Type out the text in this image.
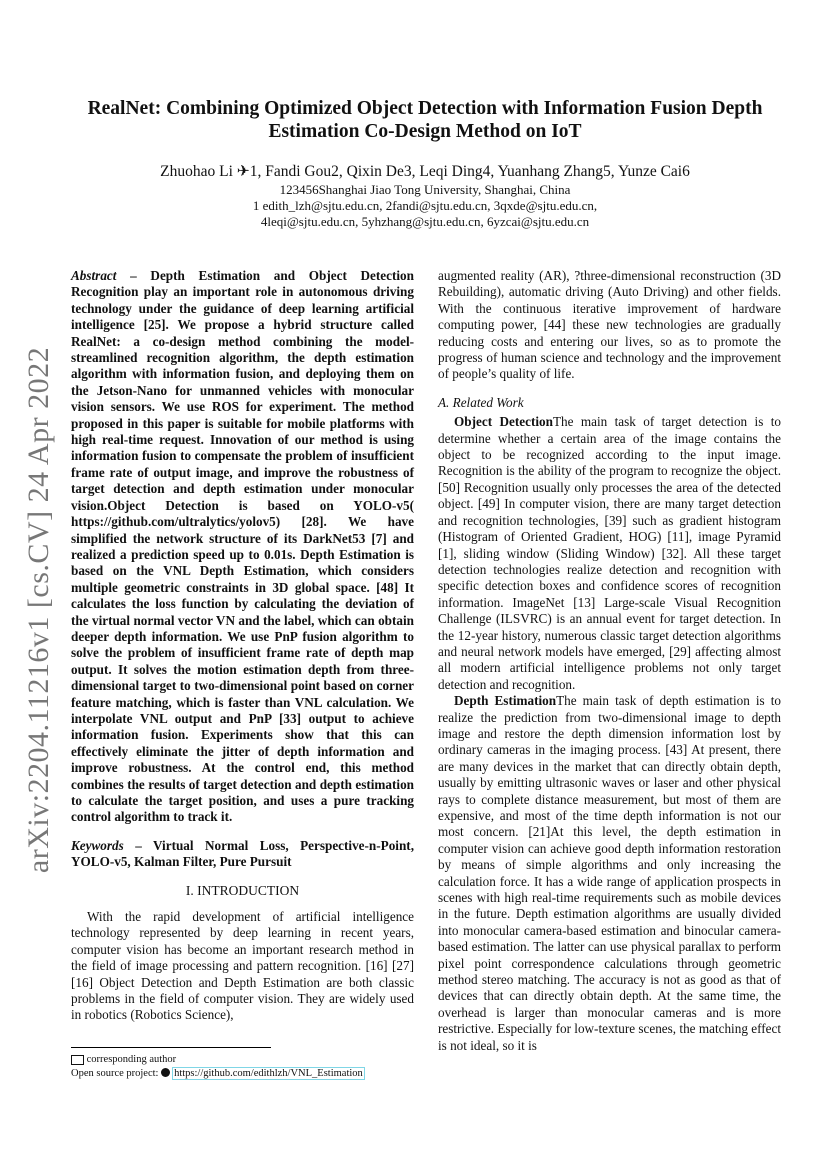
arXiv:2204.11216v1 [cs.CV] 24 Apr 2022
RealNet: Combining Optimized Object Detection with Information Fusion Depth Estimation Co-Design Method on IoT
Zhuohao Li ✈1, Fandi Gou2, Qixin De3, Leqi Ding4, Yuanhang Zhang5, Yunze Cai6
123456Shanghai Jiao Tong University, Shanghai, China
1 edith_lzh@sjtu.edu.cn, 2fandi@sjtu.edu.cn, 3qxde@sjtu.edu.cn,
4leqi@sjtu.edu.cn, 5yhzhang@sjtu.edu.cn, 6yzcai@sjtu.edu.cn

Abstract – Depth Estimation and Object Detection Recognition play an important role in autonomous driving technology under the guidance of deep learning artificial intelligence [25]. We propose a hybrid structure called RealNet: a co-design method combining the model-streamlined recognition algorithm, the depth estimation algorithm with information fusion, and deploying them on the Jetson-Nano for unmanned vehicles with monocular vision sensors. We use ROS for experiment. The method proposed in this paper is suitable for mobile platforms with high real-time request. Innovation of our method is using information fusion to compensate the problem of insufficient frame rate of output image, and improve the robustness of target detection and depth estimation under monocular vision.Object Detection is based on YOLO-v5( https://github.com/ultralytics/yolov5) [28]. We have simplified the network structure of its DarkNet53 [7] and realized a prediction speed up to 0.01s. Depth Estimation is based on the VNL Depth Estimation, which considers multiple geometric constraints in 3D global space. [48] It calculates the loss function by calculating the deviation of the virtual normal vector VN and the label, which can obtain deeper depth information. We use PnP fusion algorithm to solve the problem of insufficient frame rate of depth map output. It solves the motion estimation depth from three-dimensional target to two-dimensional point based on corner feature matching, which is faster than VNL calculation. We interpolate VNL output and PnP [33] output to achieve information fusion. Experiments show that this can effectively eliminate the jitter of depth information and improve robustness. At the control end, this method combines the results of target detection and depth estimation to calculate the target position, and uses a pure tracking control algorithm to track it.

Keywords – Virtual Normal Loss, Perspective-n-Point, YOLO-v5, Kalman Filter, Pure Pursuit

I. INTRODUCTION

With the rapid development of artificial intelligence technology represented by deep learning in recent years, computer vision has become an important research method in the field of image processing and pattern recognition. [16] [27] [16] Object Detection and Depth Estimation are both classic problems in the field of computer vision. They are widely used in robotics (Robotics Science),

corresponding author
Open source project: https://github.com/edithlzh/VNL_Estimation

augmented reality (AR), ?three-dimensional reconstruction (3D Rebuilding), automatic driving (Auto Driving) and other fields. With the continuous iterative improvement of hardware computing power, [44] these new technologies are gradually reducing costs and entering our lives, so as to promote the progress of human science and technology and the improvement of people’s quality of life.

A. Related Work

Object DetectionThe main task of target detection is to determine whether a certain area of the image contains the object to be recognized according to the input image. Recognition is the ability of the program to recognize the object. [50] Recognition usually only processes the area of the detected object. [49] In computer vision, there are many target detection and recognition technologies, [39] such as gradient histogram (Histogram of Oriented Gradient, HOG) [11], image Pyramid [1], sliding window (Sliding Window) [32]. All these target detection technologies realize detection and recognition with specific detection boxes and confidence scores of recognition information. ImageNet [13] Large-scale Visual Recognition Challenge (ILSVRC) is an annual event for target detection. In the 12-year history, numerous classic target detection algorithms and neural network models have emerged, [29] affecting almost all modern artificial intelligence problems not only target detection and recognition.

Depth EstimationThe main task of depth estimation is to realize the prediction from two-dimensional image to depth image and restore the depth dimension information lost by ordinary cameras in the imaging process. [43] At present, there are many devices in the market that can directly obtain depth, usually by emitting ultrasonic waves or laser and other physical rays to complete distance measurement, but most of them are expensive, and most of the time depth information is not our most concern. [21]At this level, the depth estimation in computer vision can achieve good depth information restoration by means of simple algorithms and only increasing the calculation force. It has a wide range of application prospects in scenes with high real-time requirements such as mobile devices in the future. Depth estimation algorithms are usually divided into monocular camera-based estimation and binocular camera-based estimation. The latter can use physical parallax to perform pixel point correspondence calculations through geometric method stereo matching. The accuracy is not as good as that of devices that can directly obtain depth. At the same time, the overhead is larger than monocular cameras and is more restrictive. Especially for low-texture scenes, the matching effect is not ideal, so it is
